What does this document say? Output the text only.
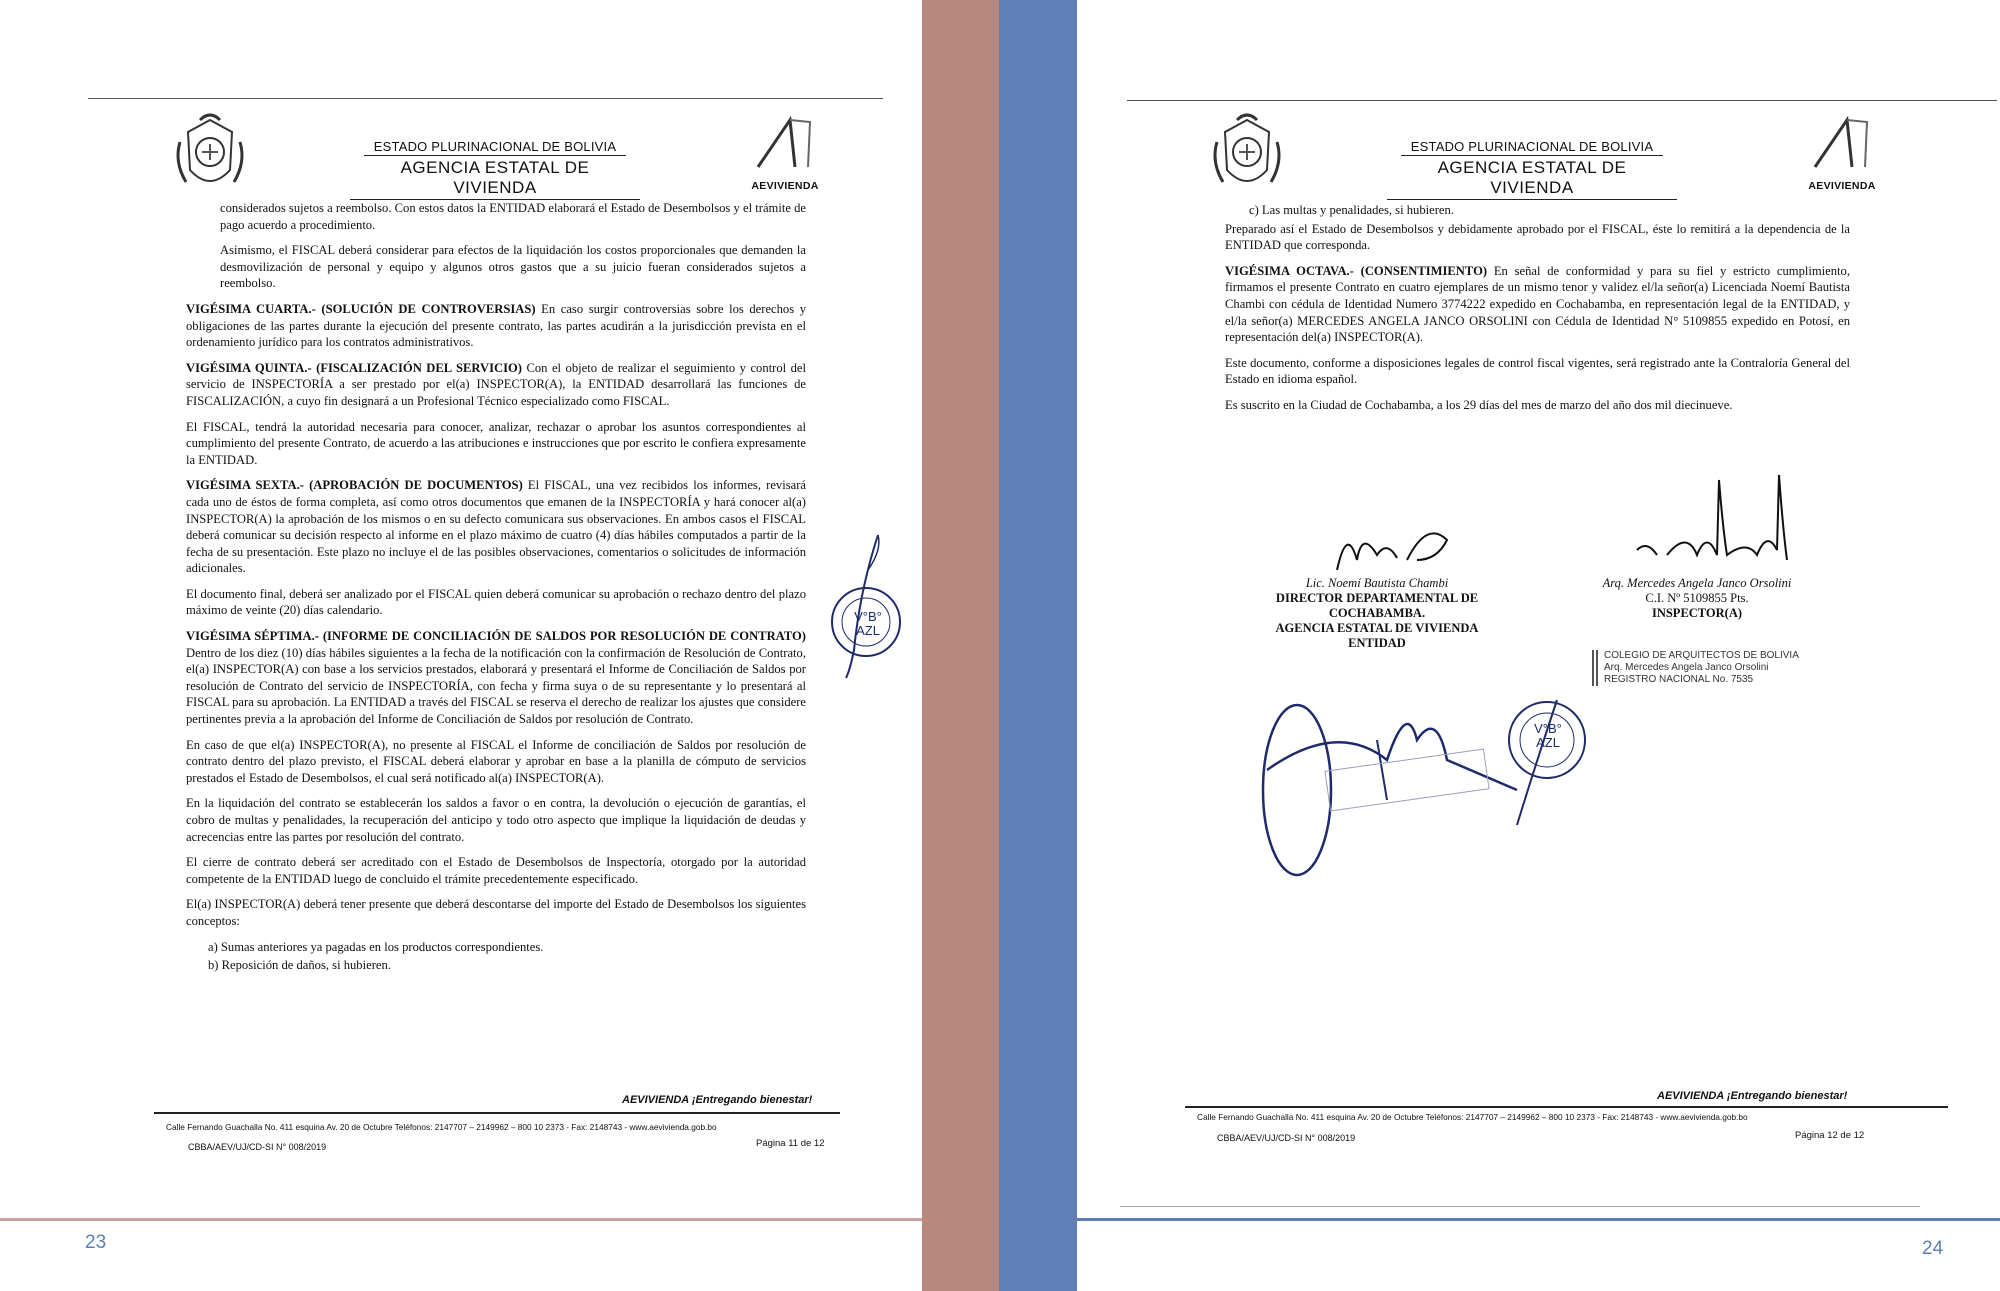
ESTADO PLURINACIONAL DE BOLIVIA
AGENCIA ESTATAL DE VIVIENDA	AEVIVIENDA

considerados sujetos a reembolso. Con estos datos la ENTIDAD elaborará el Estado de Desembolsos y el trámite de pago acuerdo a procedimiento.

Asimismo, el FISCAL deberá considerar para efectos de la liquidación los costos proporcionales que demanden la desmovilización de personal y equipo y algunos otros gastos que a su juicio fueran considerados sujetos a reembolso.

VIGÉSIMA CUARTA.- (SOLUCIÓN DE CONTROVERSIAS) En caso surgir controversias sobre los derechos y obligaciones de las partes durante la ejecución del presente contrato, las partes acudirán a la jurisdicción prevista en el ordenamiento jurídico para los contratos administrativos.

VIGÉSIMA QUINTA.- (FISCALIZACIÓN DEL SERVICIO) Con el objeto de realizar el seguimiento y control del servicio de INSPECTORÍA a ser prestado por el(a) INSPECTOR(A), la ENTIDAD desarrollará las funciones de FISCALIZACIÓN, a cuyo fin designará a un Profesional Técnico especializado como FISCAL.

El FISCAL, tendrá la autoridad necesaria para conocer, analizar, rechazar o aprobar los asuntos correspondientes al cumplimiento del presente Contrato, de acuerdo a las atribuciones e instrucciones que por escrito le confiera expresamente la ENTIDAD.

VIGÉSIMA SEXTA.- (APROBACIÓN DE DOCUMENTOS) El FISCAL, una vez recibidos los informes, revisará cada uno de éstos de forma completa, así como otros documentos que emanen de la INSPECTORÍA y hará conocer al(a) INSPECTOR(A) la aprobación de los mismos o en su defecto comunicara sus observaciones. En ambos casos el FISCAL deberá comunicar su decisión respecto al informe en el plazo máximo de cuatro (4) días hábiles computados a partir de la fecha de su presentación. Este plazo no incluye el de las posibles observaciones, comentarios o solicitudes de información adicionales.

El documento final, deberá ser analizado por el FISCAL quien deberá comunicar su aprobación o rechazo dentro del plazo máximo de veinte (20) días calendario.

VIGÉSIMA SÉPTIMA.- (INFORME DE CONCILIACIÓN DE SALDOS POR RESOLUCIÓN DE CONTRATO) Dentro de los diez (10) días hábiles siguientes a la fecha de la notificación con la confirmación de Resolución de Contrato, el(a) INSPECTOR(A) con base a los servicios prestados, elaborará y presentará el Informe de Conciliación de Saldos por resolución de Contrato del servicio de INSPECTORÍA, con fecha y firma suya o de su representante y lo presentará al FISCAL para su aprobación. La ENTIDAD a través del FISCAL se reserva el derecho de realizar los ajustes que considere pertinentes previa a la aprobación del Informe de Conciliación de Saldos por resolución de Contrato.

En caso de que el(a) INSPECTOR(A), no presente al FISCAL el Informe de conciliación de Saldos por resolución de contrato dentro del plazo previsto, el FISCAL deberá elaborar y aprobar en base a la planilla de cómputo de servicios prestados el Estado de Desembolsos, el cual será notificado al(a) INSPECTOR(A).

En la liquidación del contrato se establecerán los saldos a favor o en contra, la devolución o ejecución de garantías, el cobro de multas y penalidades, la recuperación del anticipo y todo otro aspecto que implique la liquidación de deudas y acrecencias entre las partes por resolución del contrato.

El cierre de contrato deberá ser acreditado con el Estado de Desembolsos de Inspectoría, otorgado por la autoridad competente de la ENTIDAD luego de concluido el trámite precedentemente especificado.

El(a) INSPECTOR(A) deberá tener presente que deberá descontarse del importe del Estado de Desembolsos los siguientes conceptos:

a) Sumas anteriores ya pagadas en los productos correspondientes.

b) Reposición de daños, si hubieren.

V°B°
AZL
AEVIVIENDA ¡Entregando bienestar!
Calle Fernando Guachalla No. 411 esquina Av. 20 de Octubre Teléfonos: 2147707 – 2149962 – 800 10 2373 - Fax: 2148743 - www.aevivienda.gob.bo
CBBA/AEV/UJ/CD-SI N° 008/2019	Página 11 de 12
23
ESTADO PLURINACIONAL DE BOLIVIA
AGENCIA ESTATAL DE VIVIENDA	AEVIVIENDA

c) Las multas y penalidades, si hubieren.

Preparado así el Estado de Desembolsos y debidamente aprobado por el FISCAL, éste lo remitirá a la dependencia de la ENTIDAD que corresponda.

VIGÉSIMA OCTAVA.- (CONSENTIMIENTO) En señal de conformidad y para su fiel y estricto cumplimiento, firmamos el presente Contrato en cuatro ejemplares de un mismo tenor y validez el/la señor(a) Licenciada Noemí Bautista Chambi con cédula de Identidad Numero 3774222 expedido en Cochabamba, en representación legal de la ENTIDAD, y el/la señor(a) MERCEDES ANGELA JANCO ORSOLINI con Cédula de Identidad N° 5109855 expedido en Potosí, en representación del(a) INSPECTOR(A).

Este documento, conforme a disposiciones legales de control fiscal vigentes, será registrado ante la Contraloría General del Estado en idioma español.

Es suscrito en la Ciudad de Cochabamba, a los 29 días del mes de marzo del año dos mil diecinueve.

Lic. Noemí Bautista Chambi
DIRECTOR DEPARTAMENTAL DE COCHABAMBA.
AGENCIA ESTATAL DE VIVIENDA
ENTIDAD
Arq. Mercedes Angela Janco Orsolini
C.I. Nº 5109855 Pts.
INSPECTOR(A)
COLEGIO DE ARQUITECTOS DE BOLIVIA
Arq. Mercedes Angela Janco Orsolini
REGISTRO NACIONAL No. 7535
V°B°
AZL
AEVIVIENDA ¡Entregando bienestar!
Calle Fernando Guachalla No. 411 esquina Av. 20 de Octubre Teléfonos: 2147707 – 2149962 – 800 10 2373 - Fax: 2148743 - www.aevivienda.gob.bo
CBBA/AEV/UJ/CD-SI N° 008/2019	Página 12 de 12
24
